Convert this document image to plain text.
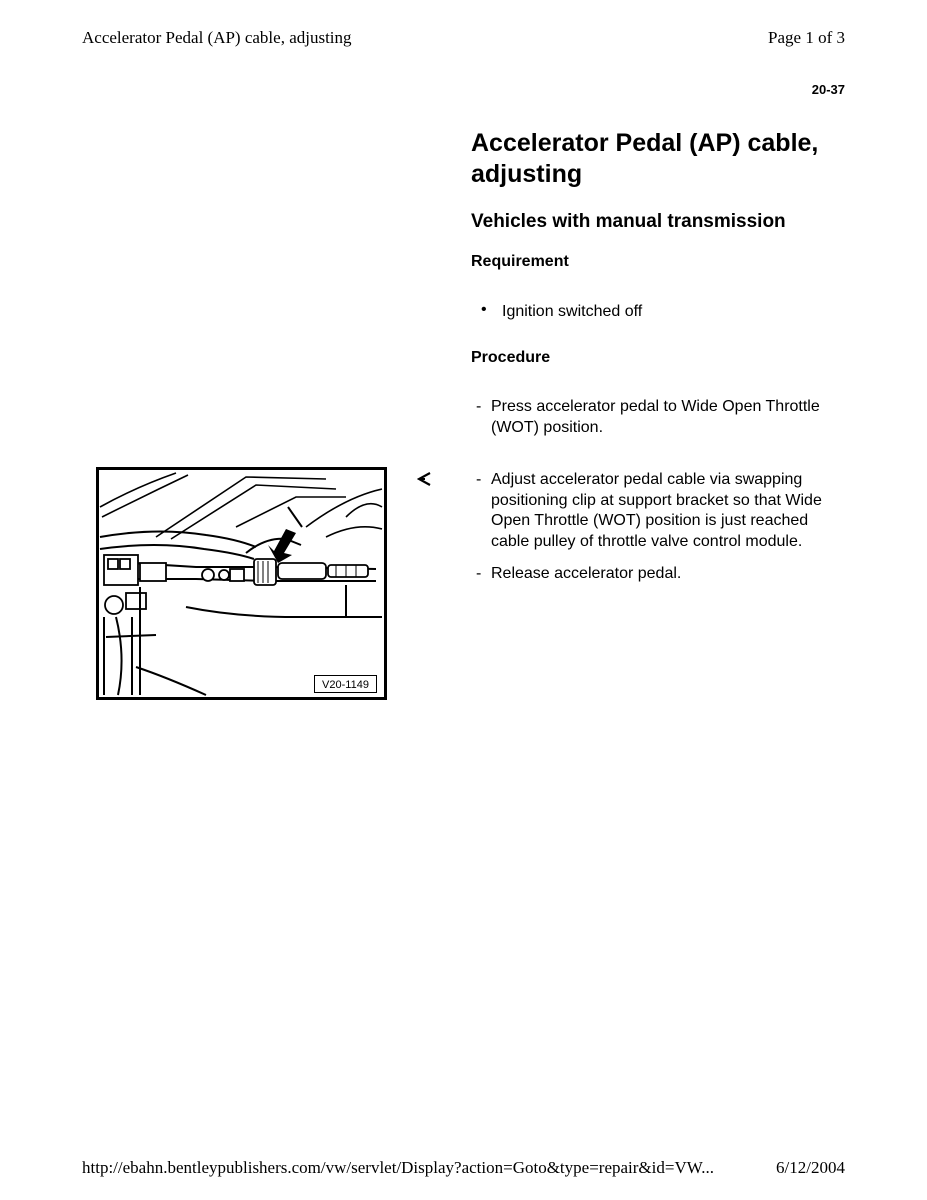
Accelerator Pedal (AP) cable, adjusting	Page 1 of 3
20-37
V20-1149
Accelerator Pedal (AP) cable,
adjusting
Vehicles with manual transmission
Requirement
• Ignition switched off
Procedure
- Press accelerator pedal to Wide Open Throttle
(WOT) position.
- Adjust accelerator pedal cable via swapping
positioning clip at support bracket so that Wide
Open Throttle (WOT) position is just reached
cable pulley of throttle valve control module.
- Release accelerator pedal.
http://ebahn.bentleypublishers.com/vw/servlet/Display?action=Goto&type=repair&id=VW...	6/12/2004
